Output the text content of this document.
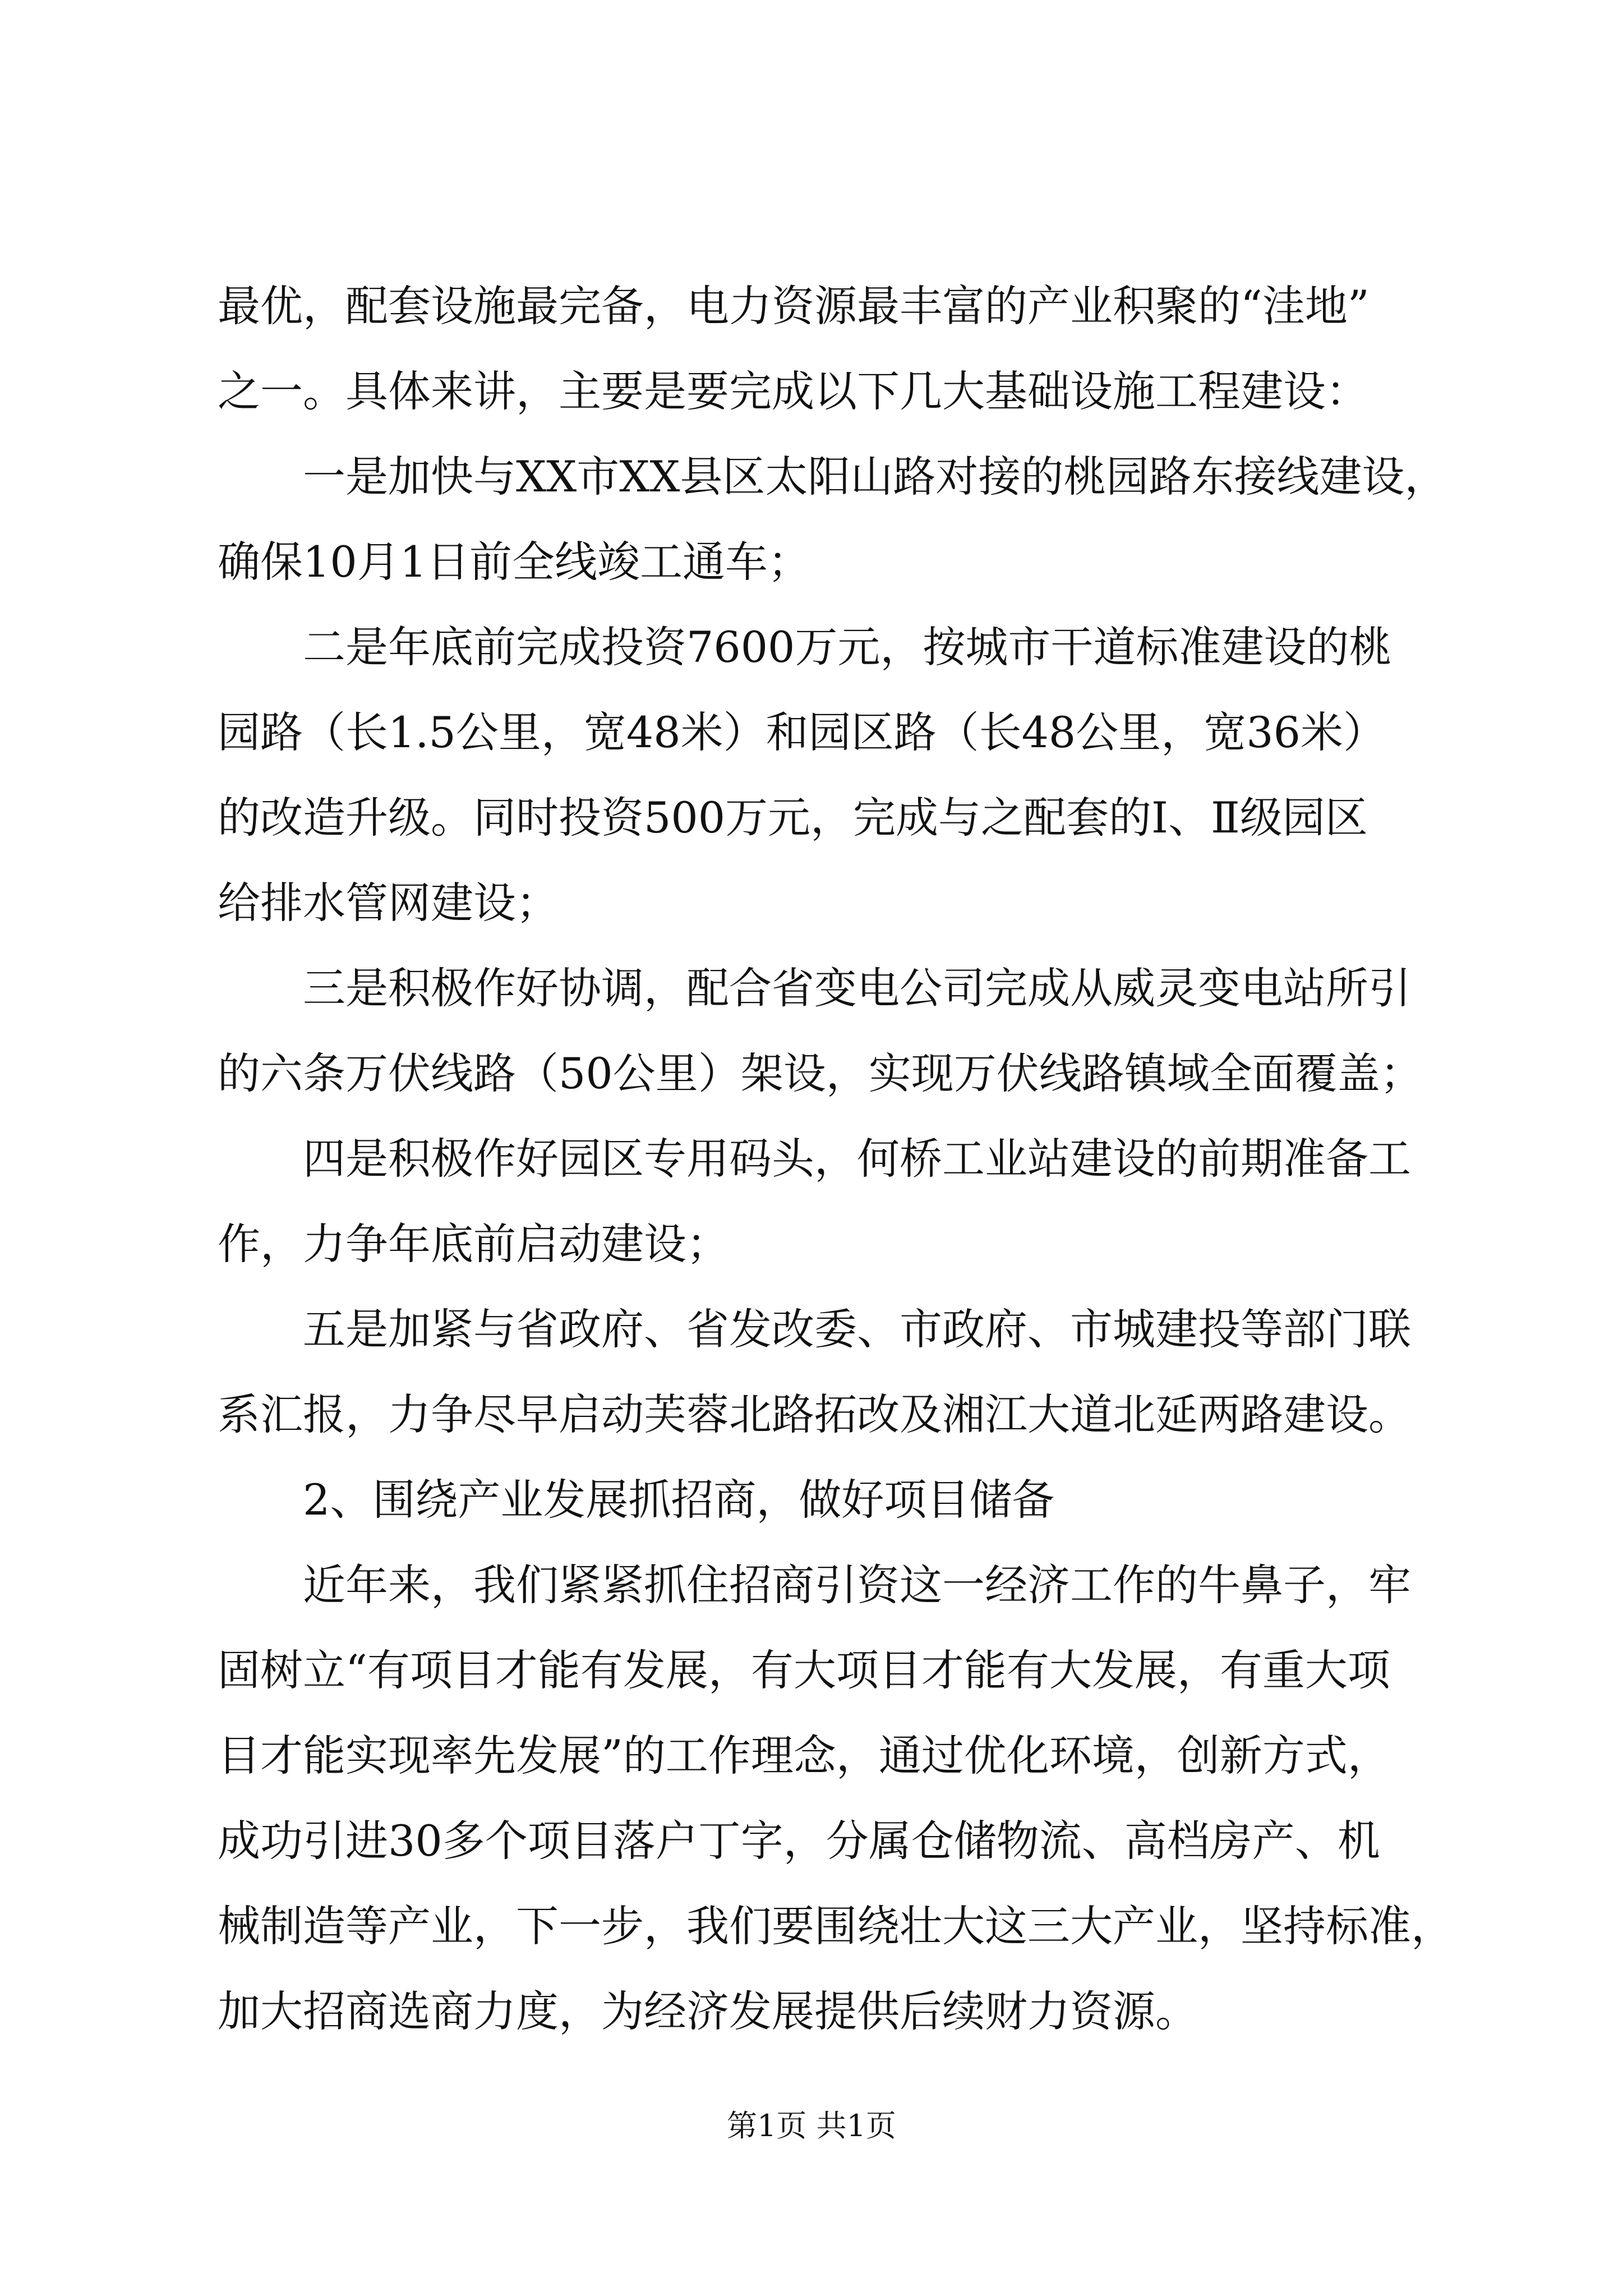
最优，配套设施最完备，电力资源最丰富的产业积聚的“洼地”
之一。具体来讲，主要是要完成以下几大基础设施工程建设：
一是加快与XX市XX县区太阳山路对接的桃园路东接线建设，
确保10月1日前全线竣工通车；
二是年底前完成投资7600万元，按城市干道标准建设的桃
园路（长1.5公里，宽48米）和园区路（长48公里，宽36米）
的改造升级。同时投资500万元，完成与之配套的Ⅰ、Ⅱ级园区
给排水管网建设；
三是积极作好协调，配合省变电公司完成从威灵变电站所引
的六条万伏线路（50公里）架设，实现万伏线路镇域全面覆盖；
四是积极作好园区专用码头，何桥工业站建设的前期准备工
作，力争年底前启动建设；
五是加紧与省政府、省发改委、市政府、市城建投等部门联
系汇报，力争尽早启动芙蓉北路拓改及湘江大道北延两路建设。
2、围绕产业发展抓招商，做好项目储备
近年来，我们紧紧抓住招商引资这一经济工作的牛鼻子，牢
固树立“有项目才能有发展，有大项目才能有大发展，有重大项
目才能实现率先发展”的工作理念，通过优化环境，创新方式，
成功引进30多个项目落户丁字，分属仓储物流、高档房产、机
械制造等产业，下一步，我们要围绕壮大这三大产业，坚持标准，
加大招商选商力度，为经济发展提供后续财力资源。
第1页 共1页
